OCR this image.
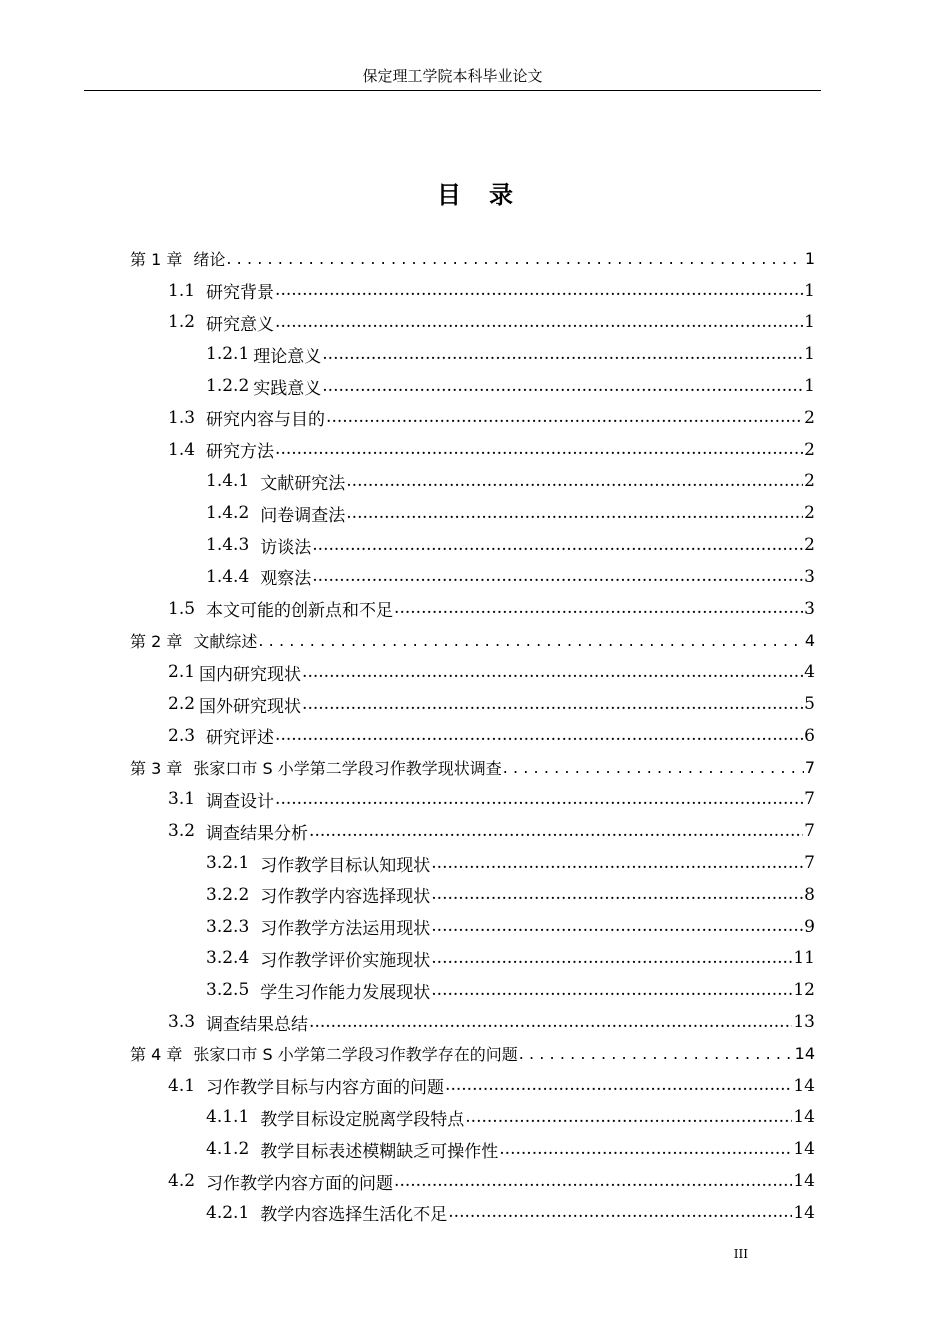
保定理工学院本科毕业论文
目录
第 1 章 绪论 .....	1
1.1 研究背景 .....	1
1.2 研究意义 .....	1
1.2.1 理论意义 .....	1
1.2.2 实践意义 .....	1
1.3 研究内容与目的 .....	2
1.4 研究方法 .....	2
1.4.1 文献研究法 .....	2
1.4.2 问卷调查法 .....	2
1.4.3 访谈法 .....	2
1.4.4 观察法 .....	3
1.5 本文可能的创新点和不足 .....	3
第 2 章 文献综述 .....	4
2.1 国内研究现状 .....	4
2.2 国外研究现状 .....	5
2.3 研究评述 .....	6
第 3 章 张家口市 S 小学第二学段习作教学现状调查 .....	7
3.1 调查设计 .....	7
3.2 调查结果分析 .....	7
3.2.1 习作教学目标认知现状 .....	7
3.2.2 习作教学内容选择现状 .....	8
3.2.3 习作教学方法运用现状 .....	9
3.2.4 习作教学评价实施现状 .....	11
3.2.5 学生习作能力发展现状 .....	12
3.3 调查结果总结 .....	13
第 4 章 张家口市 S 小学第二学段习作教学存在的问题 .....	14
4.1 习作教学目标与内容方面的问题 .....	14
4.1.1 教学目标设定脱离学段特点 .....	14
4.1.2 教学目标表述模糊缺乏可操作性 .....	14
4.2 习作教学内容方面的问题 .....	14
4.2.1 教学内容选择生活化不足 .....	14
III
